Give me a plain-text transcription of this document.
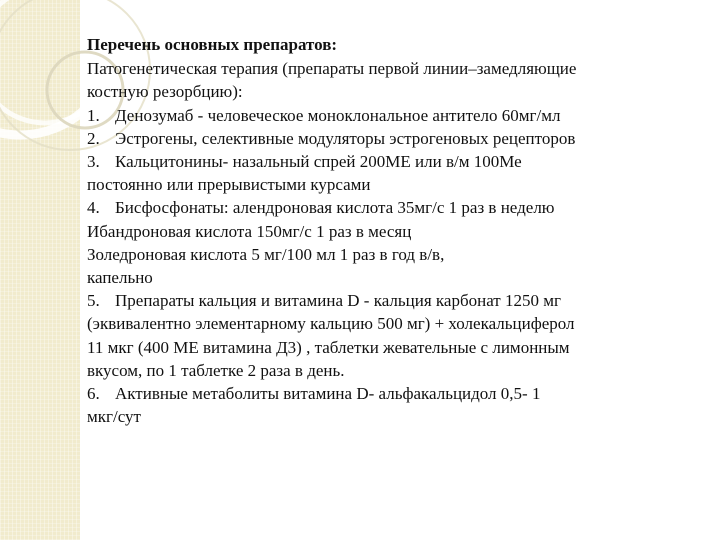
Перечень основных препаратов:
Патогенетическая терапия (препараты первой линии–замедляющие
костную резорбцию):
1. Денозумаб - человеческое моноклональное антитело 60мг/мл
2. Эстрогены, селективные модуляторы эстрогеновых рецепторов
3. Кальцитонины- назальный спрей 200МЕ или в/м 100Ме
постоянно или прерывистыми курсами
4. Бисфосфонаты: алендроновая кислота 35мг/с 1 раз в неделю
Ибандроновая кислота 150мг/с 1 раз в месяц
Золедроновая кислота 5 мг/100 мл 1 раз в год в/в,
капельно
5. Препараты кальция и витамина D - кальция карбонат 1250 мг
(эквивалентно элементарному кальцию 500 мг) + холекальциферол
11 мкг (400 МЕ витамина Д3) , таблетки жевательные с лимонным
вкусом, по 1 таблетке 2 раза в день.
6. Активные метаболиты витамина D- альфакальцидол 0,5- 1
мкг/сут
